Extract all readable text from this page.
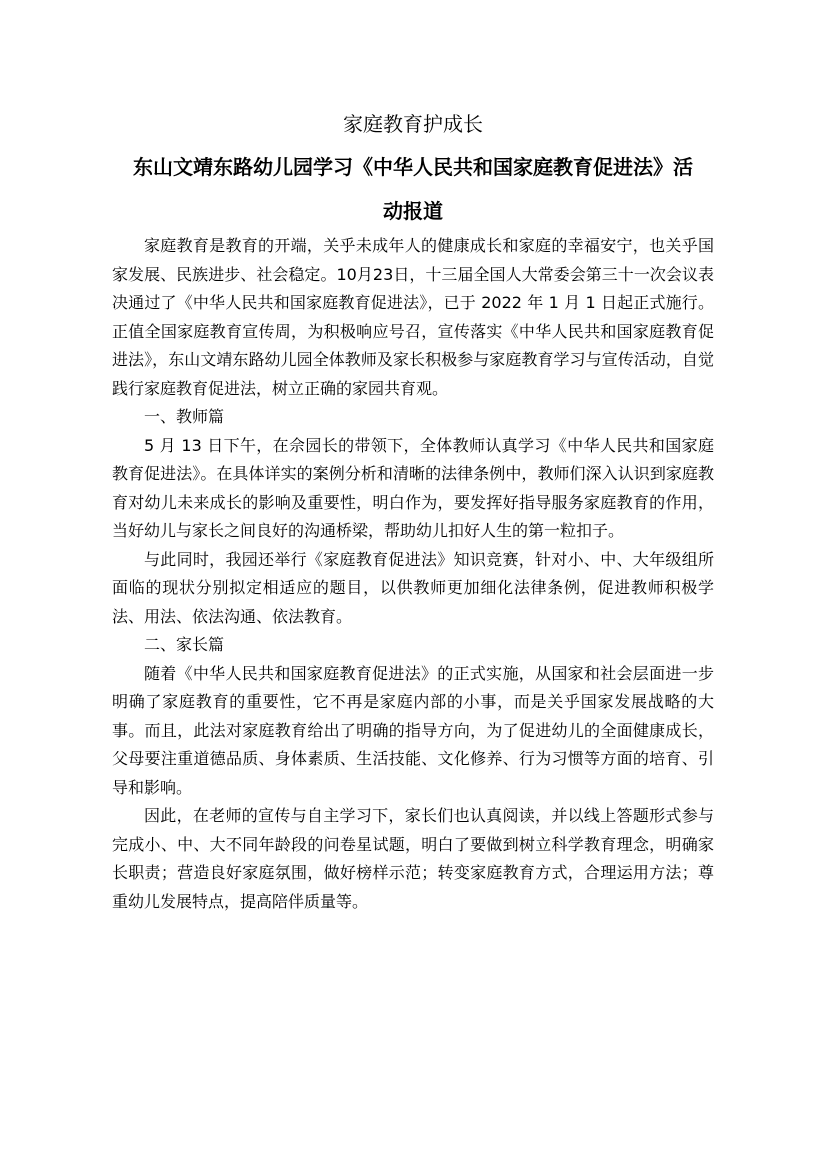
家庭教育护成长
东山文靖东路幼儿园学习《中华人民共和国家庭教育促进法》活
动报道

家庭教育是教育的开端，关乎未成年人的健康成长和家庭的幸福安宁，也关乎国家发展、民族进步、社会稳定。10月23日，十三届全国人大常委会第三十一次会议表决通过了《中华人民共和国家庭教育促进法》，已于 2022 年 1 月 1 日起正式施行。正值全国家庭教育宣传周，为积极响应号召，宣传落实《中华人民共和国家庭教育促进法》，东山文靖东路幼儿园全体教师及家长积极参与家庭教育学习与宣传活动，自觉践行家庭教育促进法，树立正确的家园共育观。

一、教师篇

5 月 13 日下午，在佘园长的带领下，全体教师认真学习《中华人民共和国家庭教育促进法》。在具体详实的案例分析和清晰的法律条例中，教师们深入认识到家庭教育对幼儿未来成长的影响及重要性，明白作为，要发挥好指导服务家庭教育的作用，当好幼儿与家长之间良好的沟通桥梁，帮助幼儿扣好人生的第一粒扣子。

与此同时，我园还举行《家庭教育促进法》知识竞赛，针对小、中、大年级组所面临的现状分别拟定相适应的题目，以供教师更加细化法律条例，促进教师积极学法、用法、依法沟通、依法教育。

二、家长篇

随着《中华人民共和国家庭教育促进法》的正式实施，从国家和社会层面进一步明确了家庭教育的重要性，它不再是家庭内部的小事，而是关乎国家发展战略的大事。而且，此法对家庭教育给出了明确的指导方向，为了促进幼儿的全面健康成长，父母要注重道德品质、身体素质、生活技能、文化修养、行为习惯等方面的培育、引导和影响。

因此，在老师的宣传与自主学习下，家长们也认真阅读，并以线上答题形式参与完成小、中、大不同年龄段的问卷星试题，明白了要做到树立科学教育理念，明确家长职责；营造良好家庭氛围，做好榜样示范；转变家庭教育方式，合理运用方法；尊重幼儿发展特点，提高陪伴质量等。
